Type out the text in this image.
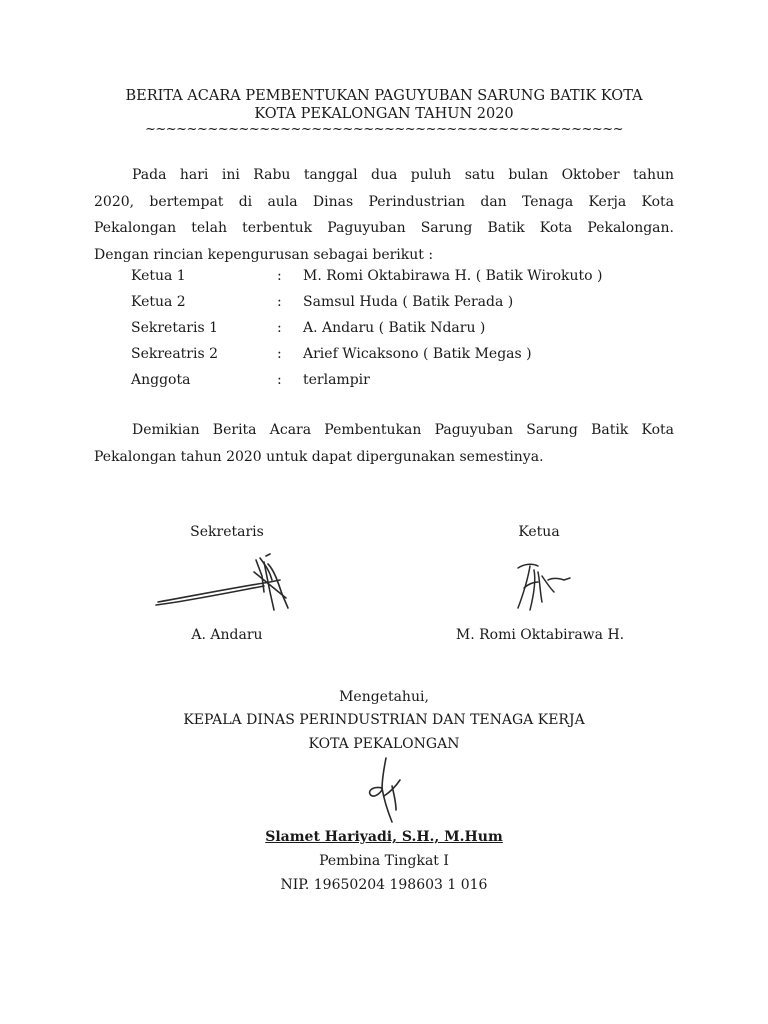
BERITA ACARA PEMBENTUKAN PAGUYUBAN SARUNG BATIK KOTA
KOTA PEKALONGAN TAHUN 2020
~~~~~~~~~~~~~~~~~~~~~~~~~~~~~~~~~~~~~~~~~~~~~~
Pada hari ini Rabu tanggal dua puluh satu bulan Oktober tahun
2020, bertempat di aula Dinas Perindustrian dan Tenaga Kerja Kota
Pekalongan telah terbentuk Paguyuban Sarung Batik Kota Pekalongan.
Dengan rincian kepengurusan sebagai berikut :
Ketua 1	: M. Romi Oktabirawa H. ( Batik Wirokuto )
Ketua 2	: Samsul Huda ( Batik Perada )
Sekretaris 1	: A. Andaru ( Batik Ndaru )
Sekreatris 2	: Arief Wicaksono ( Batik Megas )
Anggota	: terlampir
Demikian Berita Acara Pembentukan Paguyuban Sarung Batik Kota
Pekalongan tahun 2020 untuk dapat dipergunakan semestinya.
Sekretaris	Ketua
A. Andaru	M. Romi Oktabirawa H.
Mengetahui,
KEPALA DINAS PERINDUSTRIAN DAN TENAGA KERJA
KOTA PEKALONGAN
Slamet Hariyadi, S.H., M.Hum
Pembina Tingkat I
NIP. 19650204 198603 1 016
